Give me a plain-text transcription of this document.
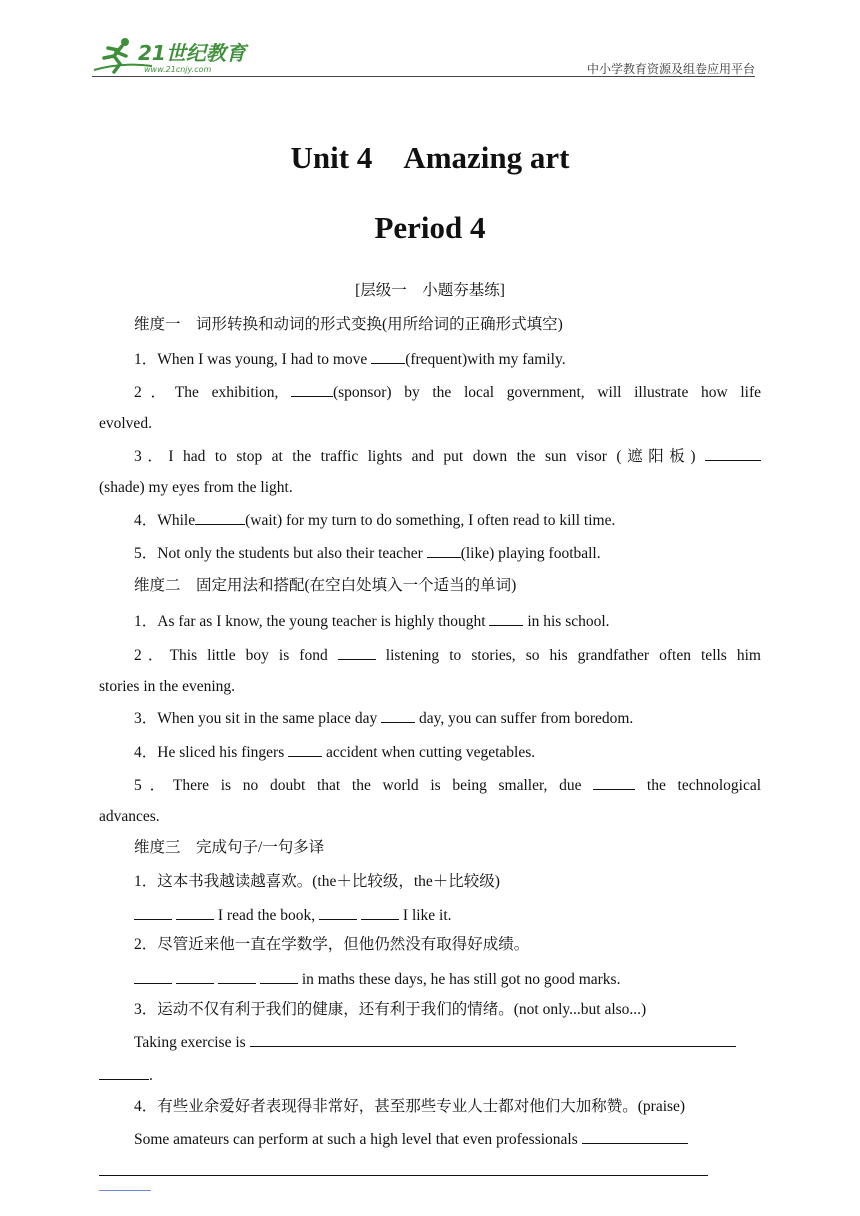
21世纪教育
www.21cnjy.com	中小学教育资源及组卷应用平台
Unit 4　Amazing art
Period 4
[层级一　小题夯基练]
维度一　词形转换和动词的形式变换(用所给词的正确形式填空)
1．When I was young, I had to move (frequent)with my family.
2．The exhibition,	(sponsor) by the local government, will illustrate how life
evolved.
3．I had to stop at the traffic lights and put down the sun visor (遮阳板)
(shade) my eyes from the light.
4．While	(wait) for my turn to do something, I often read to kill time.
5．Not only the students but also their teacher (like) playing football.
维度二　固定用法和搭配(在空白处填入一个适当的单词)
1．As far as I know, the young teacher is highly thought  in his school.
2．This little boy is fond  listening to stories, so his grandfather often tells him
stories in the evening.
3．When you sit in the same place day  day, you can suffer from boredom.
4．He sliced his fingers  accident when cutting vegetables.
5．There is no doubt that the world is being smaller, due	the technological
advances.
维度三　完成句子/一句多译
1．这本书我越读越喜欢。(the＋比较级，the＋比较级)
I read the book,	I like it.
2．尽管近来他一直在学数学，但他仍然没有取得好成绩。
in maths these days, he has still got no good marks.
3．运动不仅有利于我们的健康，还有利于我们的情绪。(not only...but also...)
Taking exercise is
.
4．有些业余爱好者表现得非常好，甚至那些专业人士都对他们大加称赞。(praise)
Some amateurs can perform at such a high level that even professionals
